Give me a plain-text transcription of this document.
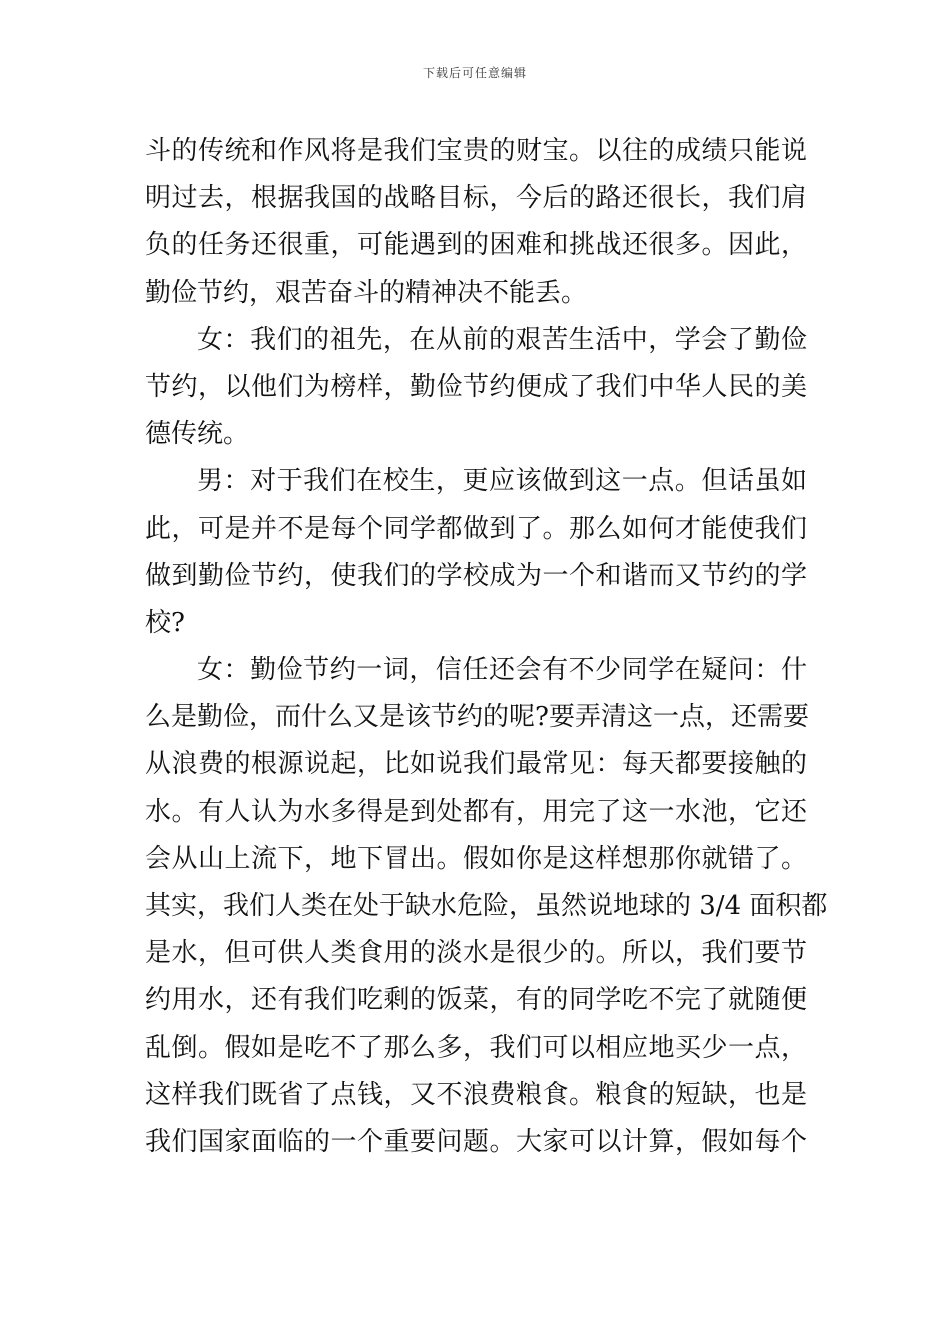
下载后可任意编辑
斗的传统和作风将是我们宝贵的财宝。以往的成绩只能说
明过去，根据我国的战略目标，今后的路还很长，我们肩
负的任务还很重，可能遇到的困难和挑战还很多。因此，
勤俭节约，艰苦奋斗的精神决不能丢。
女：我们的祖先，在从前的艰苦生活中，学会了勤俭
节约，以他们为榜样，勤俭节约便成了我们中华人民的美
德传统。
男：对于我们在校生，更应该做到这一点。但话虽如
此，可是并不是每个同学都做到了。那么如何才能使我们
做到勤俭节约，使我们的学校成为一个和谐而又节约的学
校?
女：勤俭节约一词，信任还会有不少同学在疑问：什
么是勤俭，而什么又是该节约的呢?要弄清这一点，还需要
从浪费的根源说起，比如说我们最常见：每天都要接触的
水。有人认为水多得是到处都有，用完了这一水池，它还
会从山上流下，地下冒出。假如你是这样想那你就错了。
其实，我们人类在处于缺水危险，虽然说地球的 3/4 面积都
是水，但可供人类食用的淡水是很少的。所以，我们要节
约用水，还有我们吃剩的饭菜，有的同学吃不完了就随便
乱倒。假如是吃不了那么多，我们可以相应地买少一点，
这样我们既省了点钱，又不浪费粮食。粮食的短缺，也是
我们国家面临的一个重要问题。大家可以计算，假如每个
